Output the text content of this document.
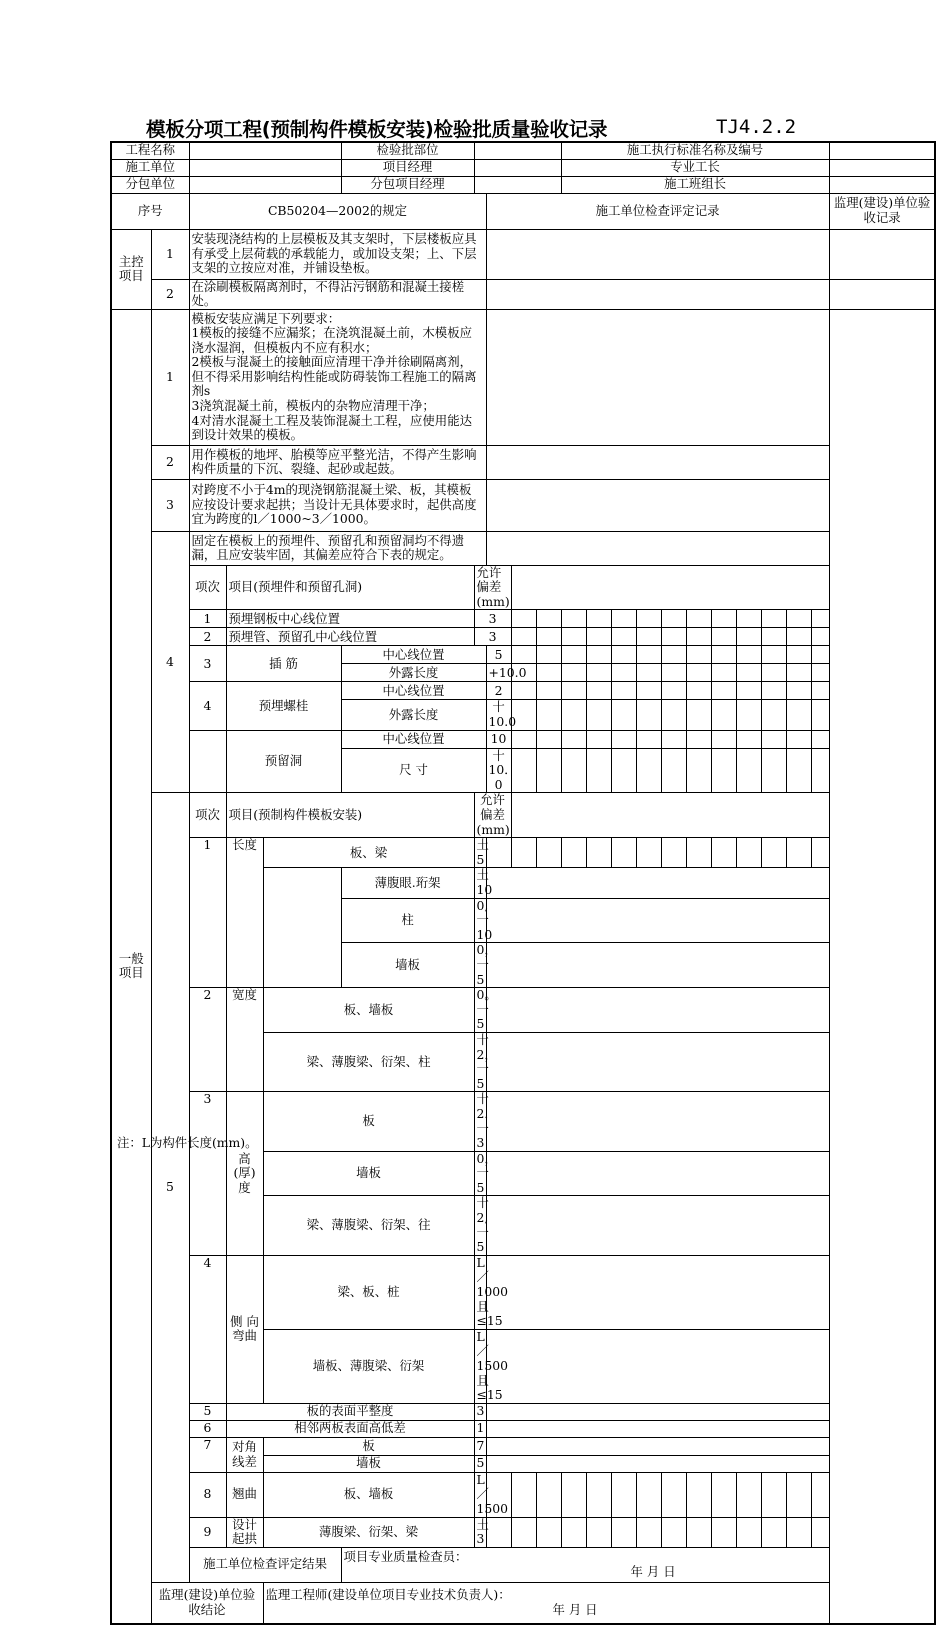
模板分项工程(预制构件模板安装)检验批质量验收记录	TJ4.2.2
工程名称					检验批部位					施工执行标准名称及编号												
施工单位					项目经理					专业工长												
分包单位					分包项目经理					施工班组长												
序号		CB50204—2002的规定					施工单位检查评定记录														监理(建设)单位验收记录	
主控项目	1	安装现浇结构的上层模板及其支架时，下层楼板应具有承受上层荷载的承载能力，或加设支架；上、下层支架的立按应对准，并铺设垫板。																				
	2	在涂刷模板隔离剂时，不得沾污钢筋和混凝土接槎处。																				
一般项目	1	模板安装应满足下列要求：
1模板的接缝不应漏浆；在浇筑混凝土前，木模板应浇水湿润，但模板内不应有积水；
2模板与混凝土的接触面应清理干净并徐刷隔离剂，但不得采用影响结构性能或防碍装饰工程施工的隔离剂s
3浇筑混凝土前，模板内的杂物应清理干净；
4对清水混凝土工程及装饰混凝土工程，应使用能达到设计效果的模板。																				

	2	用作模板的地坪、胎模等应平整光洁，不得产生影响构件质量的下沉、裂缝、起砂或起鼓。																				
	3	对跨度不小于4m的现浇钢筋混凝土梁、板，其模板应按设计要求起拱；当设计无具体要求时，起供高度宜为跨度的l／1000~3／1000。																				
	4	固定在模板上的预埋件、预留孔和预留洞均不得遗漏，且应安装牢固，其偏差应符合下表的规定。																				
		项次	项目(预埋件和预留孔洞)			允许偏差(mm)																
		1	预埋钢板中心线位置			3																
		2	预埋管、预留孔中心线位置			3																
		3	插 筋		中心线位置		5															
					外露长度		+10.0															
		4	预埋螺桂		中心线位置		2															
					外露长度		十10.0															
			预留洞		中心线位置		10															
					尺 寸		十10．0															
	5	项次	项目(预制构件模板安装)			允许偏差(mm)																
		1	长度	板、梁		土5																
					薄腹眼.珩架	土10																
					柱	0,一10																
					墙板	0，一5																
		2	宽度	板、墙板		0。一5																
				梁、薄腹梁、衍架、柱		十2，一5																
		3	高(厚)度	板		十2．一3																
				墙板		0，一5																
				梁、薄腹梁、衍架、往		十2,一5																
		4	侧 向弯曲	梁、板、桩		L／1000且≤15																
				墙板、薄腹梁、衍架		L／1500且≤15																
		5	板的表面平整度			3																
		6	相邻两板表面高低差			1																
		7	对角线差	板		7																
				墙板		5																
		8	翘曲	板、墙板		L／1500																
		9	设计起拱	薄腹梁、衍架、梁		土3																
		施工单位检查评定结果			项目专业质量检查员：
年 月 日																	

	监理(建设)单位验收结论			监理工程师(建设单位项目专业技术负责人)：
年 月 日																		
注：L为构件长度(mm)。
